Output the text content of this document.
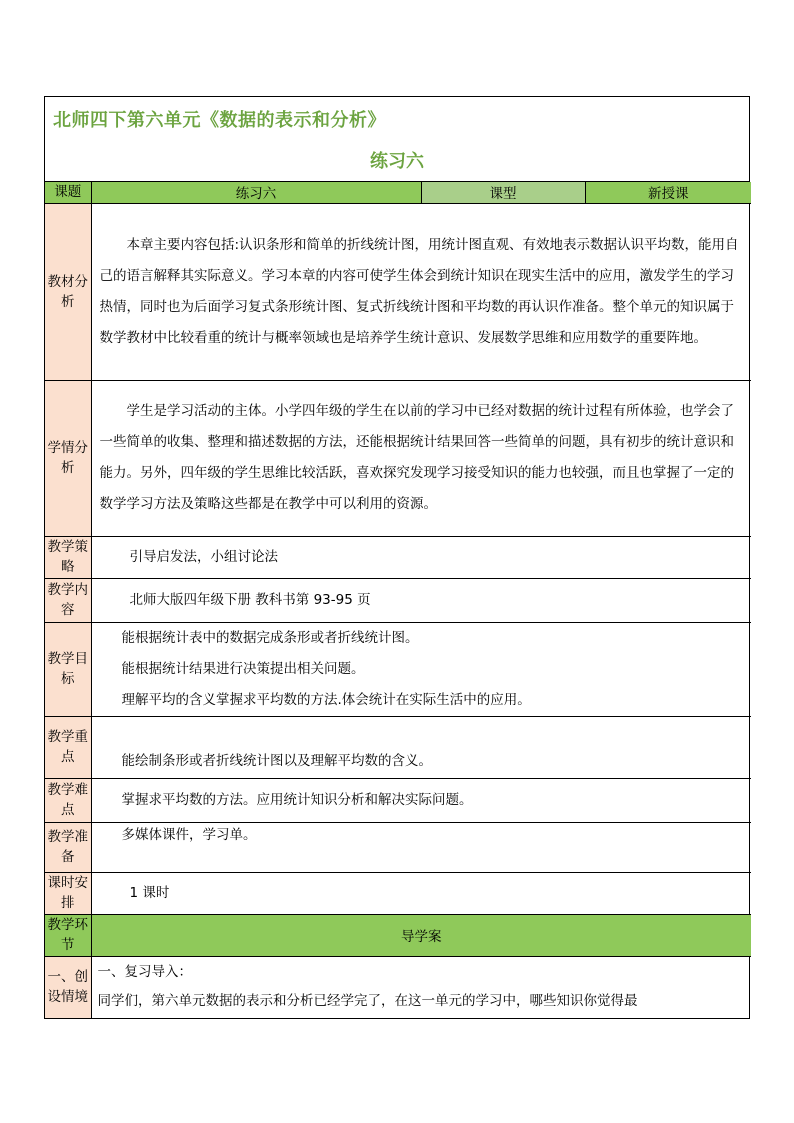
北师四下第六单元《数据的表示和分析》
练习六
课题	练习六	课型	新授课
教材分析	本章主要内容包括:认识条形和简单的折线统计图，用统计图直观、有效地表示数据认识平均数，能用自己的语言解释其实际意义。学习本章的内容可使学生体会到统计知识在现实生活中的应用，激发学生的学习热情，同时也为后面学习复式条形统计图、复式折线统计图和平均数的再认识作准备。整个单元的知识属于数学教材中比较看重的统计与概率领域也是培养学生统计意识、发展数学思维和应用数学的重要阵地。		
学情分析	学生是学习活动的主体。小学四年级的学生在以前的学习中已经对数据的统计过程有所体验，也学会了一些简单的收集、整理和描述数据的方法，还能根据统计结果回答一些简单的问题，具有初步的统计意识和能力。另外，四年级的学生思维比较活跃，喜欢探究发现学习接受知识的能力也较强，而且也掌握了一定的数学学习方法及策略这些都是在教学中可以利用的资源。		
教学策略	引导启发法，小组讨论法		
教学内容	北师大版四年级下册 教科书第 93-95 页		
教学目标	能根据统计表中的数据完成条形或者折线统计图。
能根据统计结果进行决策提出相关问题。
理解平均的含义掌握求平均数的方法.体会统计在实际生活中的应用。		

教学重点	能绘制条形或者折线统计图以及理解平均数的含义。		
教学难点	掌握求平均数的方法。应用统计知识分析和解决实际问题。		
教学准备	多媒体课件，学习单。		
课时安排	1 课时		
教学环节	导学案		
一、创设情境	一、复习导入：
同学们，第六单元数据的表示和分析已经学完了，在这一单元的学习中，哪些知识你觉得最		
